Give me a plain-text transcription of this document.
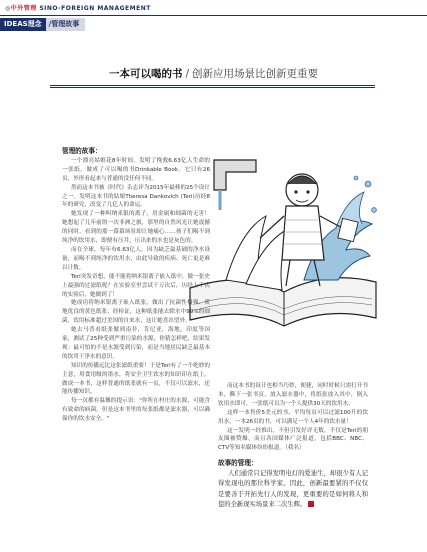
◎中外管理 SINO-FOREIGN MANAGEMENT
IDEAS理念	/管理故事
一本可以喝的书 / 创新应用场景比创新更重要

管理的故事：

一个漂亮姑娘花8年时间，发明了挽救6.63亿人生命的一张纸，做成了可以喝的书Drinkable Book。它只有26页，外形看起来与普通的没任何不同。

然而这本书被《时代》杂志评为2015年最棒的25个设计之一。发明这本书的姑娘Theresa Dankovich (Teri)历经8年的研究，改变了几亿人的命运。

她发现了一种叫纳米银的离子，用金属和细菌的无害！她想起了几年前的一次非洲之旅，那里的自然风光让她震撼的同时，看到的那一幕幕场景却让她痛心……孩子们喝不到纯净的饮用水，即便有压井，压出来的水也是灰色的。

而在全球，每年有6.63亿人，因为缺乏最基础的净水设备，而喝不到纯净的饮用水，由此导致的疾病、死亡更是难以计数。

Teri突发奇想，能不能将纳米银离子嵌入纸中，做一张史上最强的过滤纸呢？在实验室里尝试千万次后，历经上千次的实验后，她做到了！

她成功将纳米银离子嵌入纸张，做出了抗菌性极强、质地优良的黄色纸张，经检证，这种纸张能去除水中99%的细菌，饮用标准超过美国的自来水，这让她喜出望外。

她去马普看纸张做到南非，肯尼亚，海地，印度等国家，测试了25种受到严重污染的水源，你猜怎样吧，结果发现：最可怕的不是水源受到污染，而是当地居民缺乏最基本的饮用干净水的意识。

知识的传播远比这张滤纸重要！于是Teri有了一个绝妙的主意，用食用级的墨水，将安全卫生饮水的知识印在纸上。做成一本书，这样普通的纸张就有一页，不仅可以滤水，还能传播知识。

每一页都有温馨的提示语："你所在村庄的水源，可能含有致命的病菌，但是这本书里的每张纸都是滤水器，可以确保你的饮水安全。"

而这本书的设计也相当巧妙，便捷，同时时候只需打开书本，撕下一张书页，放入滤水器中，将纸张放入其中，倒入饮用水即可，一张纸可以为一个人提供30天的饮用水。

这样一本售价5美元的书，平均每页可以过滤100升的饮用水，一本26页的书，可以满足一个人4年的饮水量！

这一发明一经推出，不但引发好评无数，不仅是Teri的朋友圈被赞爆，而且各国媒体广泛报道，包括BBC、NBC、CTV等知名媒体纷纷报道。（我名）

故事的管理：

人们通常只记得发明电灯的爱迪生，却很少有人记得发现电的那位科学家。因此，创新最要紧的不仅仅是要善于开拓先行人的发现，更重要的是如何将人和偿的全新现实场景来二次生辉。 ■
